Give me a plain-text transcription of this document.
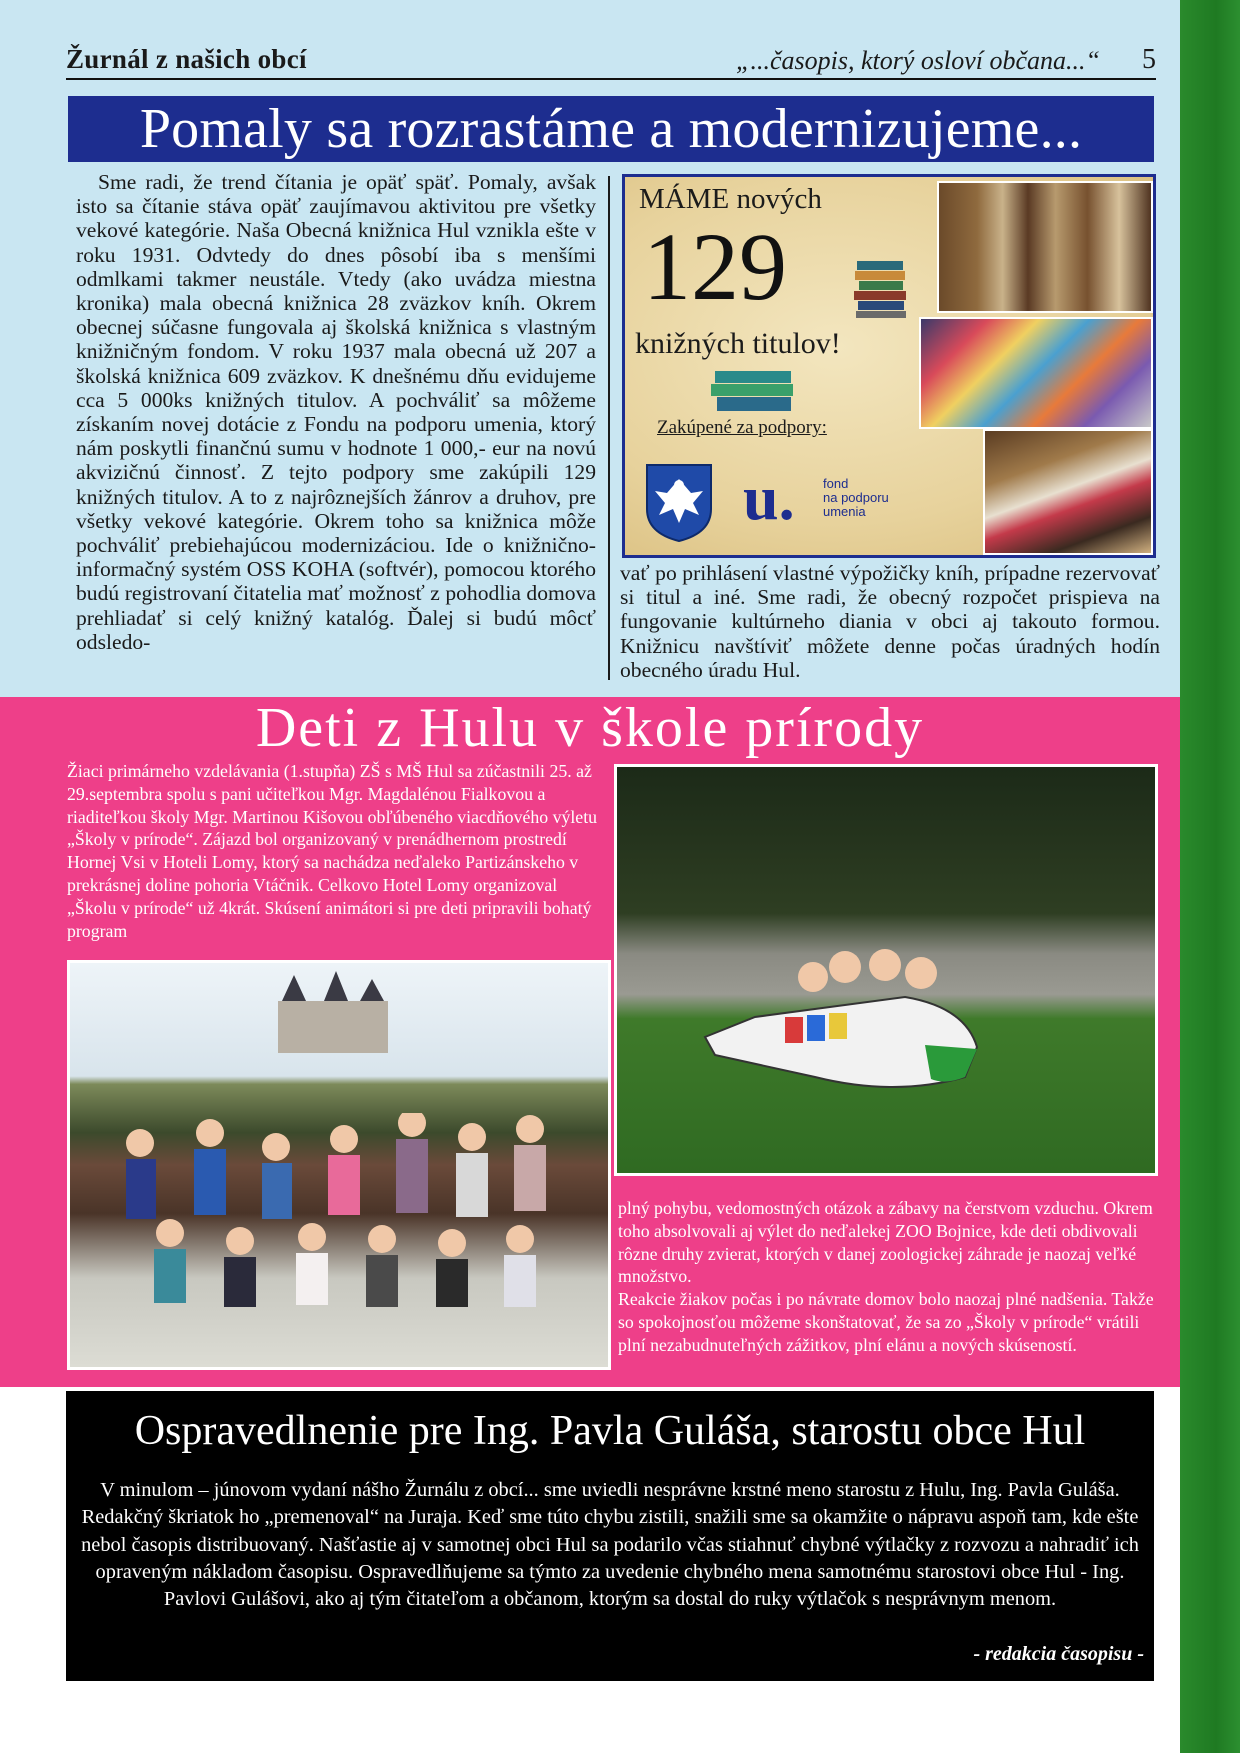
Žurnál z našich obcí	„...časopis, ktorý osloví občana...“ 5
Pomaly sa rozrastáme a modernizujeme...
Sme radi, že trend čítania je opäť späť. Pomaly, avšak isto sa čítanie stáva opäť zaujímavou aktivitou pre všetky vekové kategórie. Naša Obecná knižnica Hul vznikla ešte v roku 1931. Odvtedy do dnes pôsobí iba s menšími odmlkami takmer neustále. Vtedy (ako uvádza miestna kronika) mala obecná knižnica 28 zväzkov kníh. Okrem obecnej súčasne fungovala aj školská knižnica s vlastným knižničným fondom. V roku 1937 mala obecná už 207 a školská knižnica 609 zväzkov. K dnešnému dňu evidujeme cca 5 000ks knižných titulov. A pochváliť sa môžeme získaním novej dotácie z Fondu na podporu umenia, ktorý nám poskytli finančnú sumu v hodnote 1 000,- eur na novú akvizičnú činnosť. Z tejto podpory sme zakúpili 129 knižných titulov. A to z najrôznejších žánrov a druhov, pre všetky vekové kategórie. Okrem toho sa knižnica môže pochváliť prebiehajúcou modernizáciou. Ide o knižnično-informačný systém OSS KOHA (softvér), pomocou ktorého budú registrovaní čitatelia mať možnosť z pohodlia domova prehliadať si celý knižný katalóg. Ďalej si budú môcť odsledo-
MÁME nových
129
knižných titulov!
Zakúpené za podpory:
u. fond
na podporu
umenia
vať po prihlásení vlastné výpožičky kníh, prípadne rezervovať si titul a iné. Sme radi, že obecný rozpočet prispieva na fungovanie kultúrneho diania v obci aj takouto formou. Knižnicu navštíviť môžete denne počas úradných hodín obecného úradu Hul.
Deti z Hulu v škole prírody
Žiaci primárneho vzdelávania (1.stupňa) ZŠ s MŠ Hul sa zúčastnili 25. až 29.septembra spolu s pani učiteľkou Mgr. Magdalénou Fialkovou a riaditeľkou školy Mgr. Martinou Kišovou obľúbeného viacdňového výletu „Školy v prírode“. Zájazd bol organizovaný v prenádhernom prostredí Hornej Vsi v Hoteli Lomy, ktorý sa nachádza neďaleko Partizánskeho v prekrásnej doline pohoria Vtáčnik. Celkovo Hotel Lomy organizoval „Školu v prírode“ už 4krát. Skúsení animátori si pre deti pripravili bohatý program
plný pohybu, vedomostných otázok a zábavy na čerstvom vzduchu. Okrem toho absolvovali aj výlet do neďalekej ZOO Bojnice, kde deti obdivovali rôzne druhy zvierat, ktorých v danej zoologickej záhrade je naozaj veľké množstvo.
Reakcie žiakov počas i po návrate domov bolo naozaj plné nadšenia. Takže so spokojnosťou môžeme skonštatovať, že sa zo „Školy v prírode“ vrátili plní nezabudnuteľných zážitkov, plní elánu a nových skúseností.
Ospravedlnenie pre Ing. Pavla Guláša, starostu obce Hul
V minulom – júnovom vydaní nášho Žurnálu z obcí... sme uviedli nesprávne krstné meno starostu z Hulu, Ing. Pavla Guláša. Redakčný škriatok ho „premenoval“ na Juraja. Keď sme túto chybu zistili, snažili sme sa okamžite o nápravu aspoň tam, kde ešte nebol časopis distribuovaný. Našťastie aj v samotnej obci Hul sa podarilo včas stiahnuť chybné výtlačky z rozvozu a nahradiť ich opraveným nákladom časopisu. Ospravedlňujeme sa týmto za uvedenie chybného mena samotnému starostovi obce Hul - Ing. Pavlovi Gulášovi, ako aj tým čitateľom a občanom, ktorým sa dostal do ruky výtlačok s nesprávnym menom.
- redakcia časopisu -
